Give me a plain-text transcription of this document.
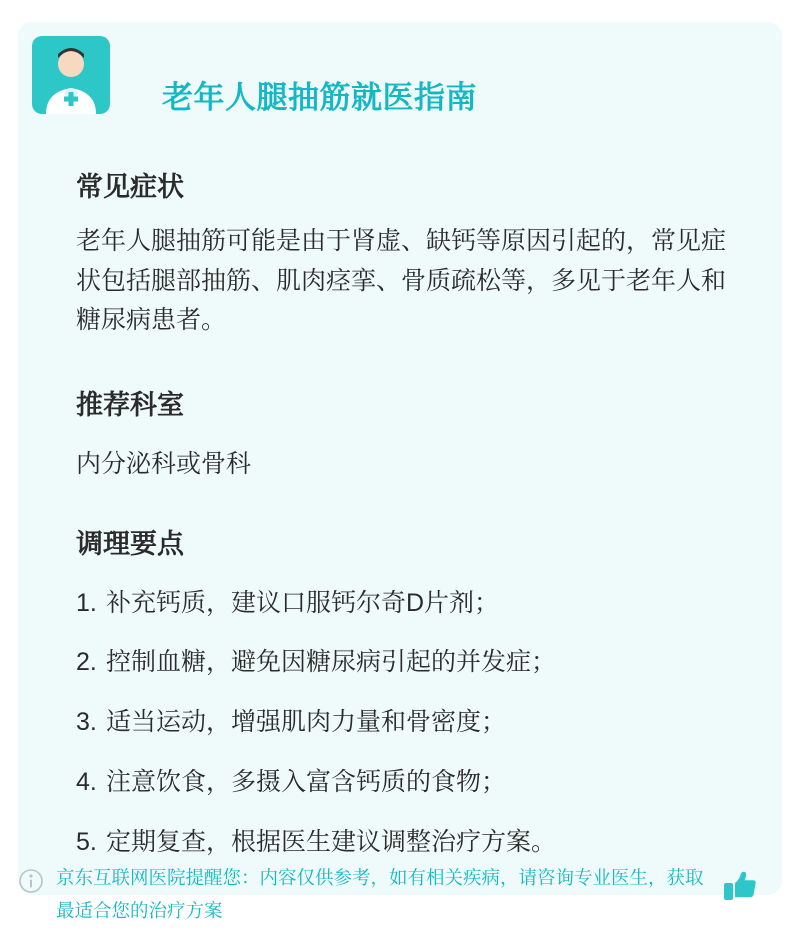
老年人腿抽筋就医指南
常见症状
老年人腿抽筋可能是由于肾虚、缺钙等原因引起的，常见症状包括腿部抽筋、肌肉痉挛、骨质疏松等，多见于老年人和糖尿病患者。
推荐科室
内分泌科或骨科
调理要点
1. 补充钙质，建议口服钙尔奇D片剂；
2. 控制血糖，避免因糖尿病引起的并发症；
3. 适当运动，增强肌肉力量和骨密度；
4. 注意饮食，多摄入富含钙质的食物；
5. 定期复查，根据医生建议调整治疗方案。
京东互联网医院提醒您：内容仅供参考，如有相关疾病，请咨询专业医生，获取最适合您的治疗方案
